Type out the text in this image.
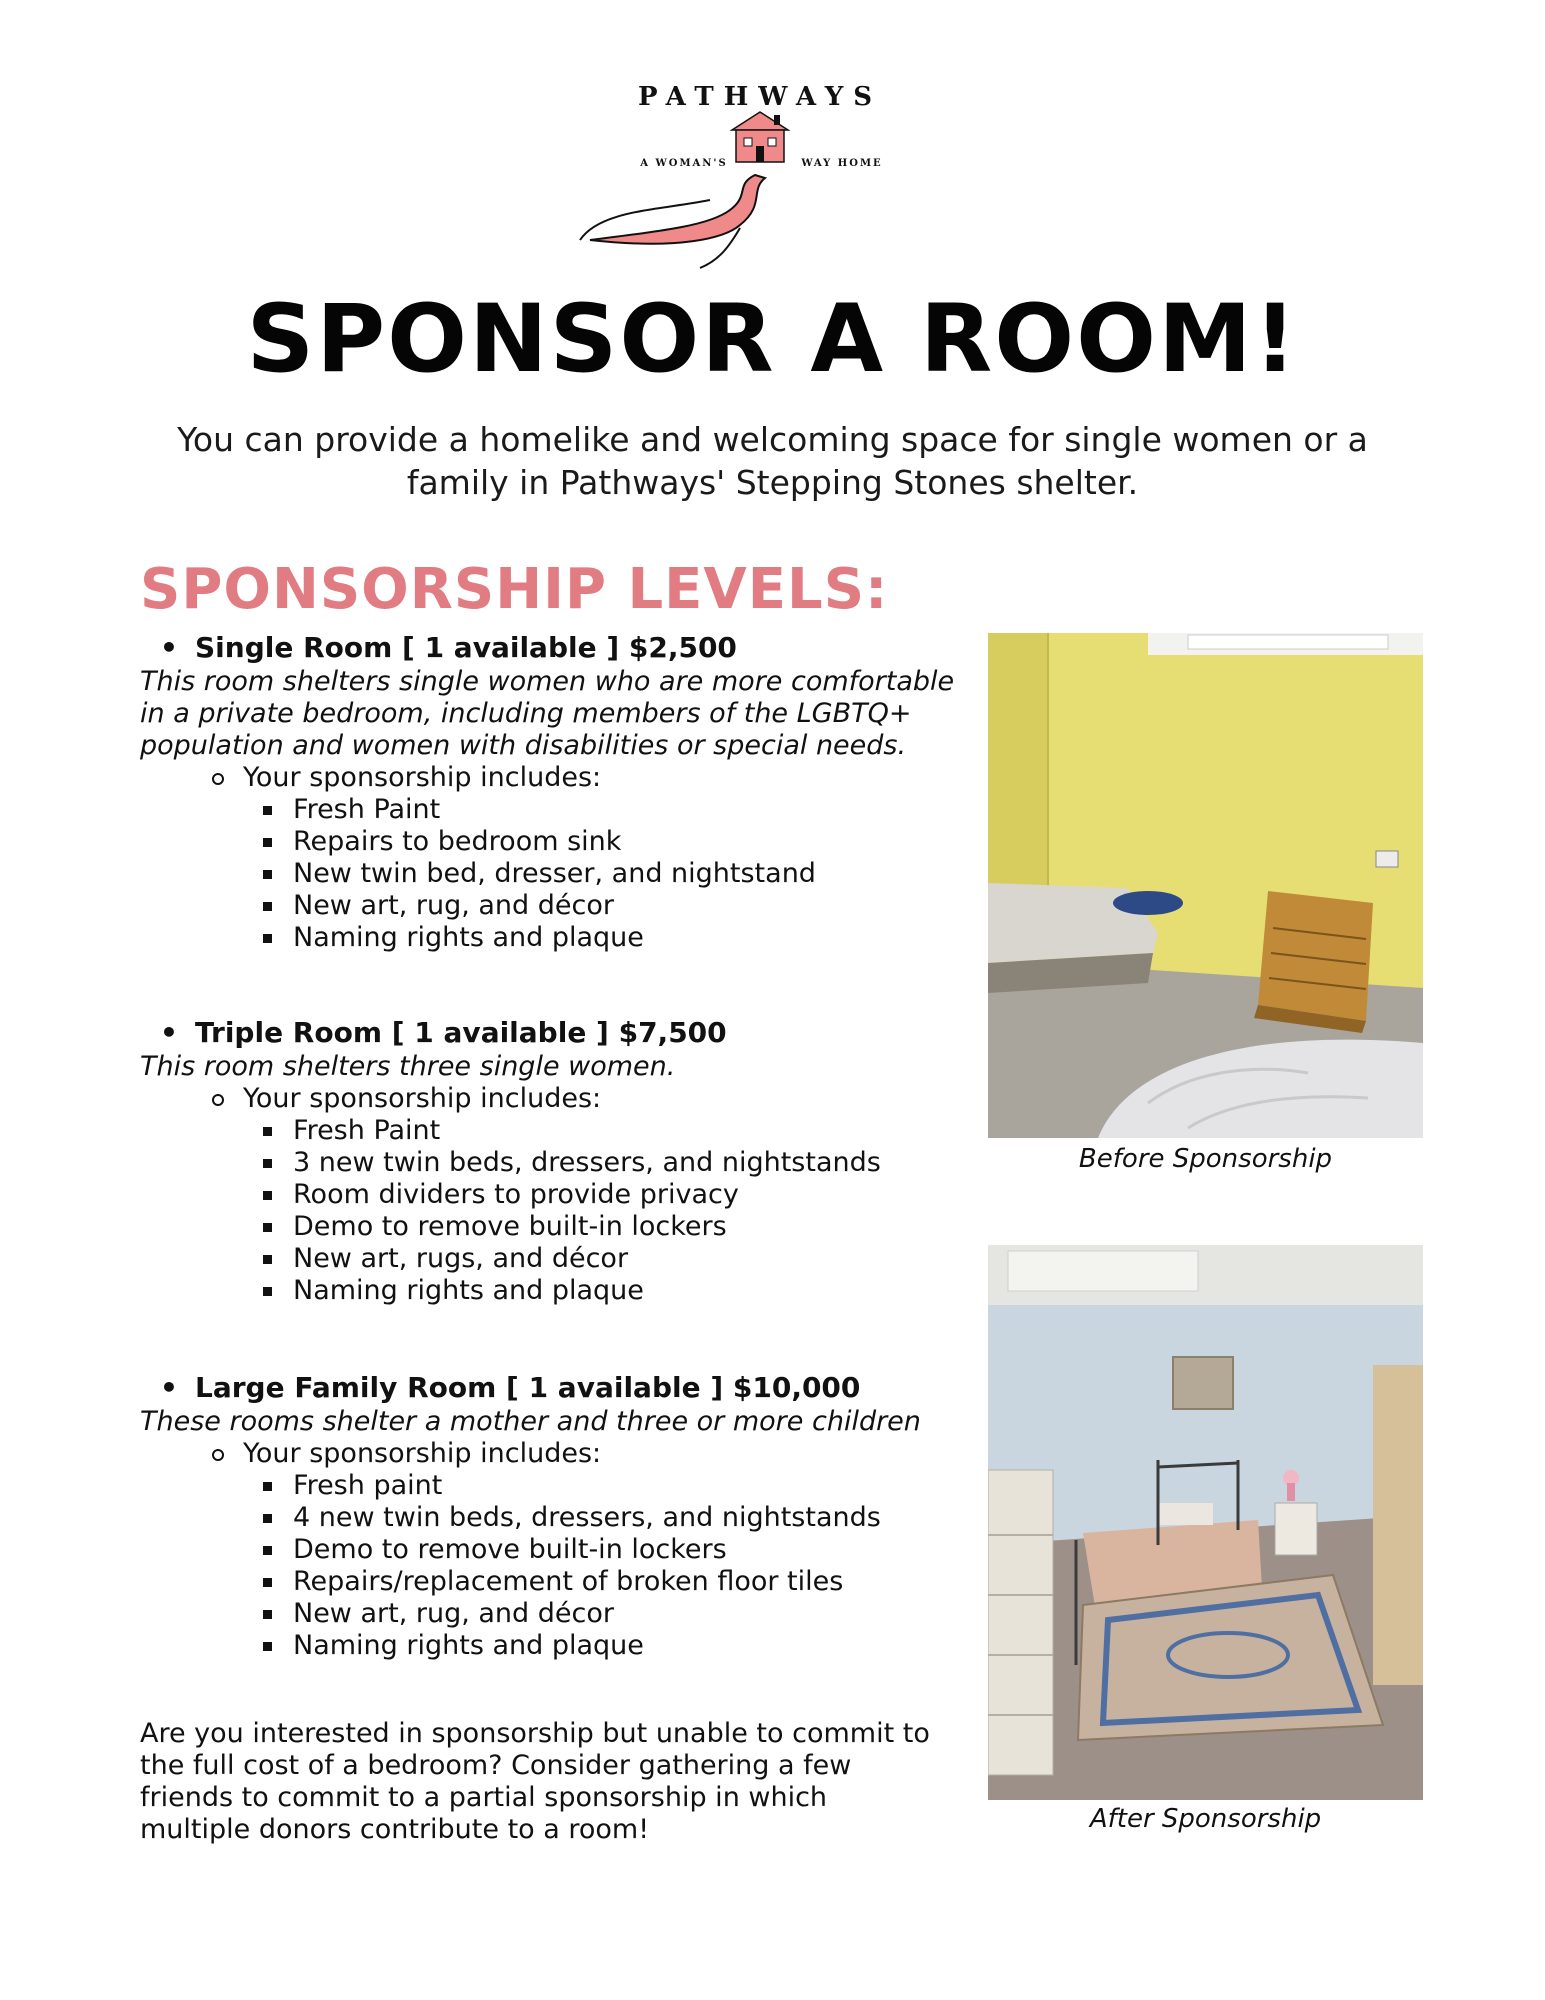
PATHWAYS
A WOMAN'S	WAY HOME
SPONSOR A ROOM!

You can provide a homelike and welcoming space for single women or a family in Pathways' Stepping Stones shelter.

SPONSORSHIP LEVELS:
• Single Room [ 1 available ] $2,500

This room shelters single women who are more comfortable in a private bedroom, including members of the LGBTQ+ population and women with disabilities or special needs.

Your sponsorship includes:
Fresh Paint
Repairs to bedroom sink
New twin bed, dresser, and nightstand
New art, rug, and décor
Naming rights and plaque
• Triple Room [ 1 available ] $7,500

This room shelters three single women.

Your sponsorship includes:
Fresh Paint
3 new twin beds, dressers, and nightstands
Room dividers to provide privacy
Demo to remove built-in lockers
New art, rugs, and décor
Naming rights and plaque
• Large Family Room [ 1 available ] $10,000

These rooms shelter a mother and three or more children

Your sponsorship includes:
Fresh paint
4 new twin beds, dressers, and nightstands
Demo to remove built-in lockers
Repairs/replacement of broken floor tiles
New art, rug, and décor
Naming rights and plaque

Are you interested in sponsorship but unable to commit to the full cost of a bedroom? Consider gathering a few friends to commit to a partial sponsorship in which multiple donors contribute to a room!

Before Sponsorship
After Sponsorship
